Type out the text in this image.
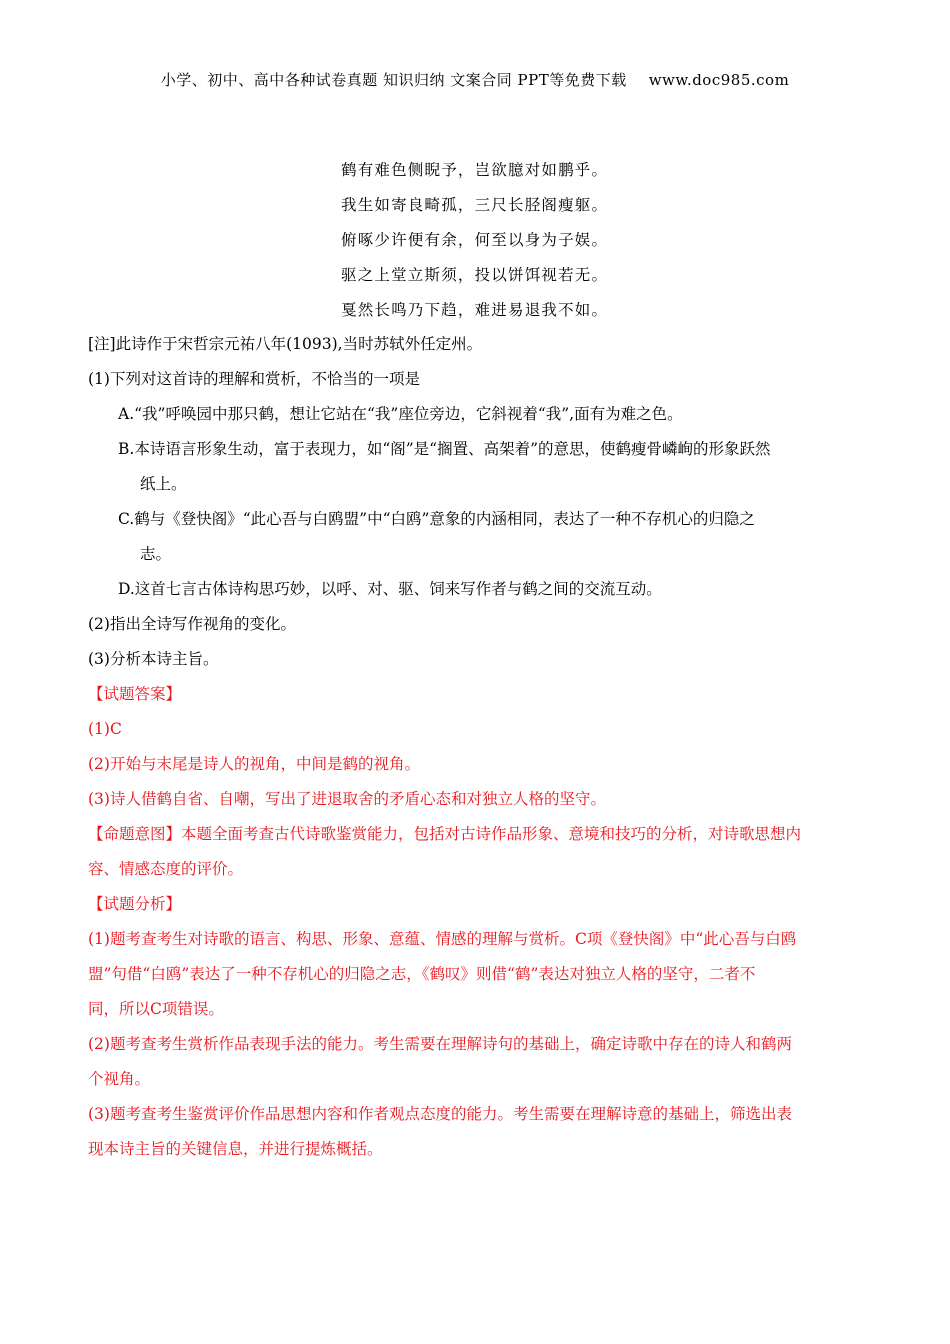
小学、初中、高中各种试卷真题 知识归纳 文案合同 PPT等免费下载 www.doc985.com
鹤有难色侧睨予，岂欲臆对如鹏乎。
我生如寄良畸孤，三尺长胫阁瘦躯。
俯啄少许便有余，何至以身为子娱。
驱之上堂立斯须，投以饼饵视若无。
戛然长鸣乃下趋，难进易退我不如。
[注]此诗作于宋哲宗元祐八年(1093),当时苏轼外任定州。
(1)下列对这首诗的理解和赏析，不恰当的一项是
A.“我”呼唤园中那只鹤，想让它站在“我”座位旁边，它斜视着“我”,面有为难之色。
B.本诗语言形象生动，富于表现力，如“阁”是“搁置、高架着”的意思，使鹤瘦骨嶙峋的形象跃然
纸上。
C.鹤与《登快阁》“此心吾与白鸥盟”中“白鸥”意象的内涵相同，表达了一种不存机心的归隐之
志。
D.这首七言古体诗构思巧妙，以呼、对、驱、饲来写作者与鹤之间的交流互动。
(2)指出全诗写作视角的变化。
(3)分析本诗主旨。
【试题答案】
(1)C
(2)开始与末尾是诗人的视角，中间是鹤的视角。
(3)诗人借鹤自省、自嘲，写出了进退取舍的矛盾心态和对独立人格的坚守。
【命题意图】本题全面考查古代诗歌鉴赏能力，包括对古诗作品形象、意境和技巧的分析，对诗歌思想内
容、情感态度的评价。
【试题分析】
(1)题考查考生对诗歌的语言、构思、形象、意蕴、情感的理解与赏析。C项《登快阁》中“此心吾与白鸥
盟”句借“白鸥”表达了一种不存机心的归隐之志，《鹤叹》则借“鹤”表达对独立人格的坚守，二者不
同，所以C项错误。
(2)题考查考生赏析作品表现手法的能力。考生需要在理解诗句的基础上，确定诗歌中存在的诗人和鹤两
个视角。
(3)题考查考生鉴赏评价作品思想内容和作者观点态度的能力。考生需要在理解诗意的基础上，筛选出表
现本诗主旨的关键信息，并进行提炼概括。
